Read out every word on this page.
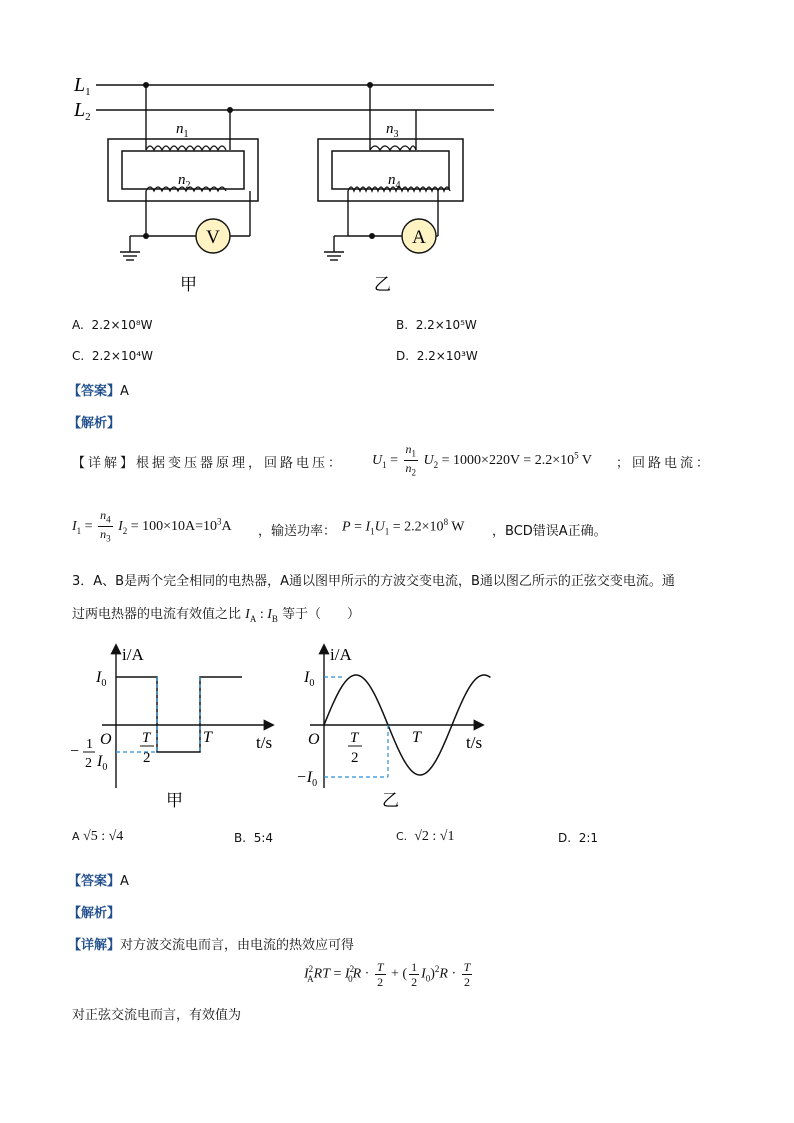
$L_1$
$L_2$
$n_1$
$n_2$
V
甲
$n_3$
$n_4$
A
乙
A. 2.2×10⁸W	B. 2.2×10⁵W
C. 2.2×10⁴W	D. 2.2×10³W
【答案】A
【解析】
【详解】根据变压器原理，回路电压： $U_1 = \frac{n_1}{n_2} U_2 = 1000\times 220V = 2.2\times 10^5$ V ；回路电流：
$I_1 = \frac{n_4}{n_3} I_2 = 100\times 10A=10^3A$ ，输送功率： $P = I_1U_1 = 2.2\times 10^8$ W ，BCD错误A正确。
3．A、B是两个完全相同的电热器，A通以图甲所示的方波交变电流，B通以图乙所示的正弦交变电流。通
过两电热器的电流有效值之比 $I_A$ : $I_B$ 等于（　　）
i/A
t/s
O
$I_0$
− 1
2 $I_0$
T
2
T
甲
i/A
t/s
O
$I_0$
$-I_0$
T
2
T
乙
A √5 : √4	B. 5:4	C. √2 : √1	D. 2:1
【答案】A
【解析】
【详解】对方波交流电而言，由电流的热效应可得
$I^2_ART = I^2_0R \cdot \frac{T}{2}$ + ( $\frac{1}{2} I_0)^2R \cdot \frac{T}{2}$
对正弦交流电而言，有效值为
